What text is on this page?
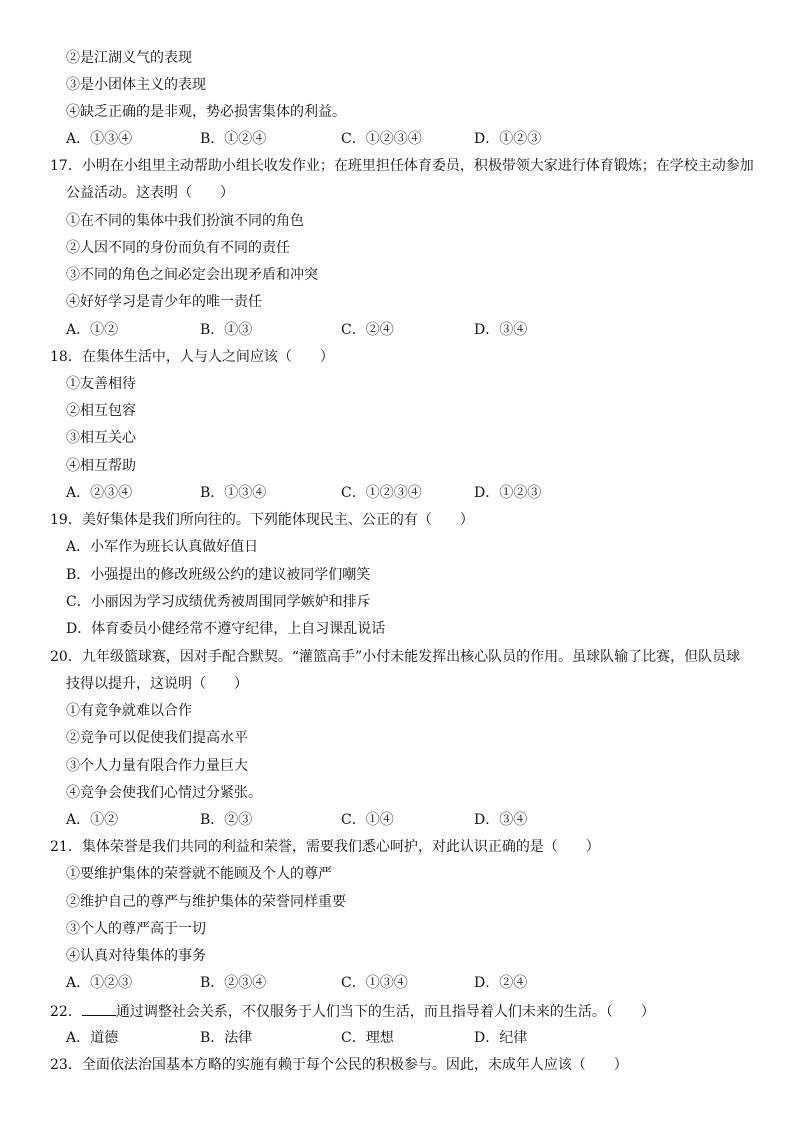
②是江湖义气的表现
③是小团体主义的表现
④缺乏正确的是非观，势必损害集体的利益。
A．①③④	B．①②④	C．①②③④	D．①②③
17．小明在小组里主动帮助小组长收发作业；在班里担任体育委员，积极带领大家进行体育锻炼；在学校主动参加
公益活动。这表明（　　）
①在不同的集体中我们扮演不同的角色
②人因不同的身份而负有不同的责任
③不同的角色之间必定会出现矛盾和冲突
④好好学习是青少年的唯一责任
A．①②	B．①③	C．②④	D．③④
18．在集体生活中，人与人之间应该（　　）
①友善相待
②相互包容
③相互关心
④相互帮助
A．②③④	B．①③④	C．①②③④	D．①②③
19．美好集体是我们所向往的。下列能体现民主、公正的有（　　）
A．小军作为班长认真做好值日
B．小强提出的修改班级公约的建议被同学们嘲笑
C．小丽因为学习成绩优秀被周围同学嫉妒和排斥
D．体育委员小健经常不遵守纪律，上自习课乱说话
20．九年级篮球赛，因对手配合默契。“灌篮高手”小付未能发挥出核心队员的作用。虽球队输了比赛，但队员球
技得以提升，这说明（　　）
①有竞争就难以合作
②竞争可以促使我们提高水平
③个人力量有限合作力量巨大
④竞争会使我们心情过分紧张。
A．①②	B．②③	C．①④	D．③④
21．集体荣誉是我们共同的利益和荣誉，需要我们悉心呵护，对此认识正确的是（　　）
①要维护集体的荣誉就不能顾及个人的尊严
②维护自己的尊严与维护集体的荣誉同样重要
③个人的尊严高于一切
④认真对待集体的事务
A．①②③	B．②③④	C．①③④	D．②④
22． 通过调整社会关系，不仅服务于人们当下的生活，而且指导着人们未来的生活。（　　）
A．道德	B．法律	C．理想	D．纪律
23．全面依法治国基本方略的实施有赖于每个公民的积极参与。因此，未成年人应该（　　）
